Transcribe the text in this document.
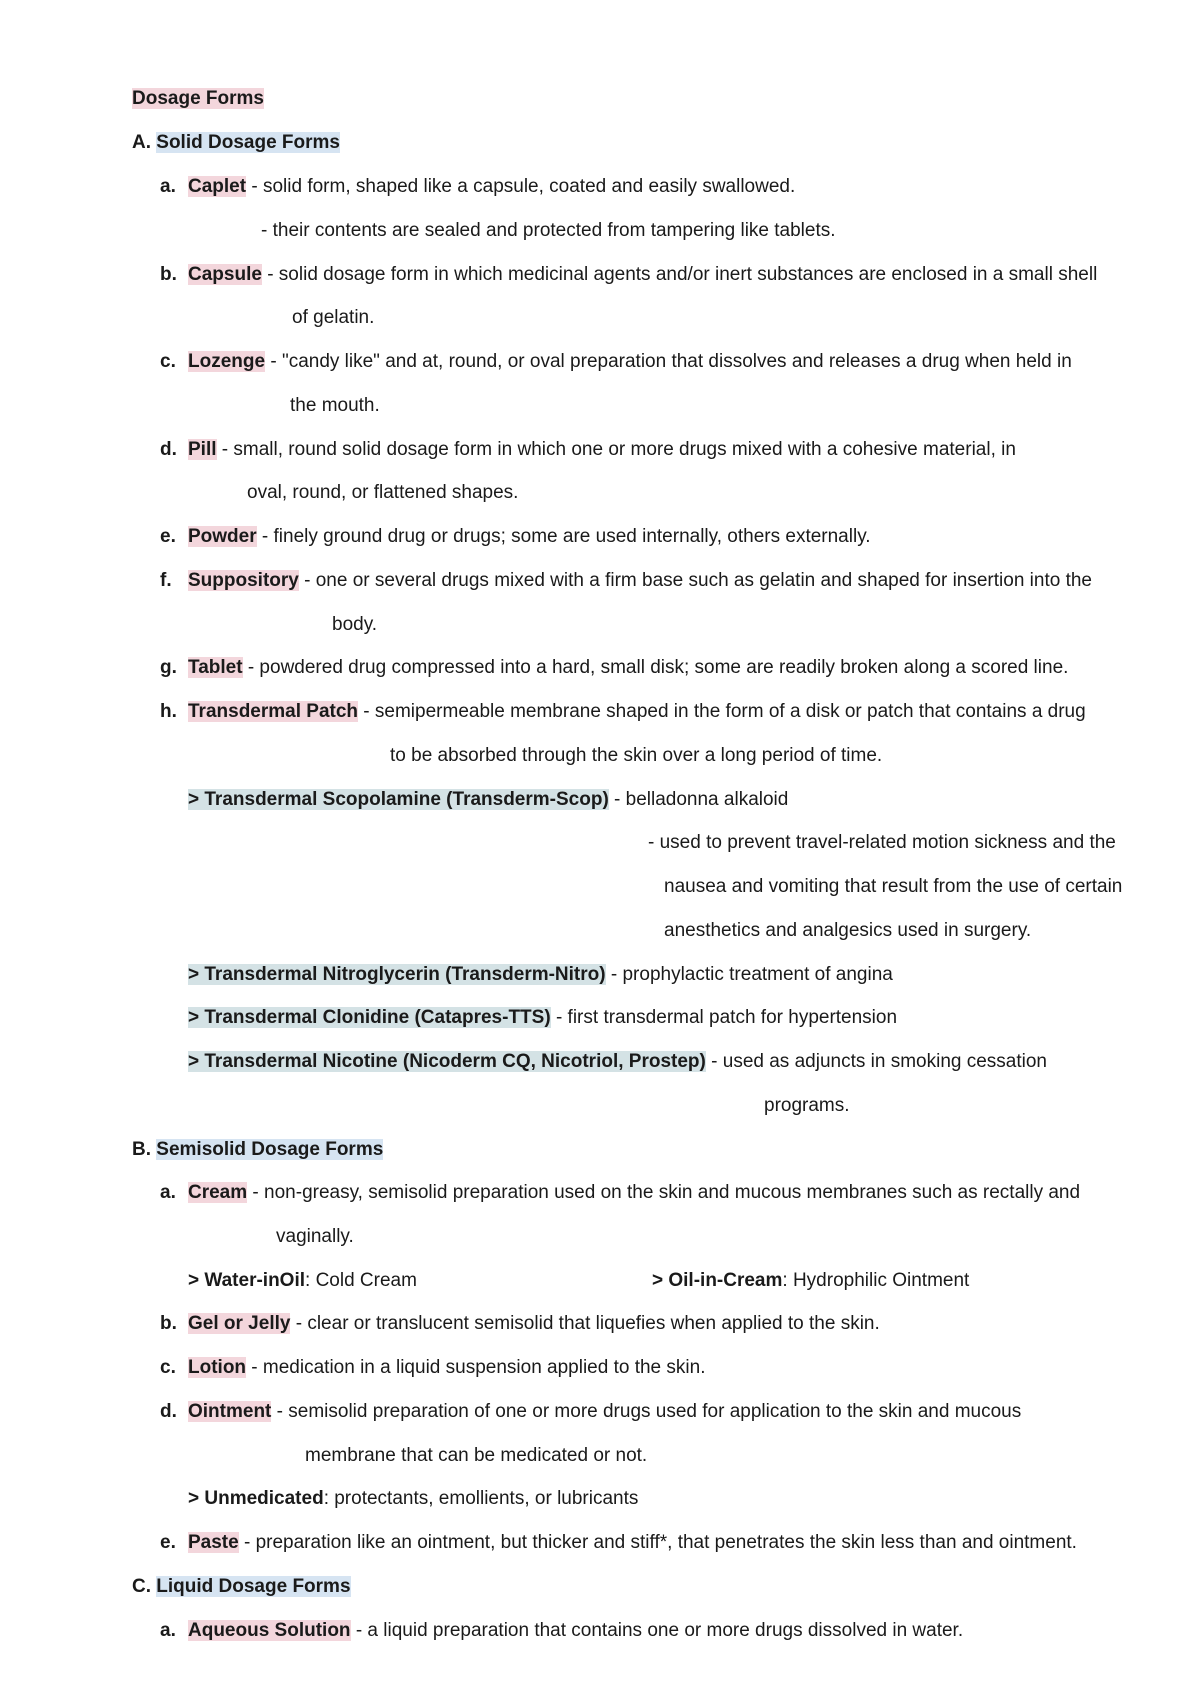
Dosage Forms
A. Solid Dosage Forms
a. Caplet - solid form, shaped like a capsule, coated and easily swallowed.
- their contents are sealed and protected from tampering like tablets.
b. Capsule - solid dosage form in which medicinal agents and/or inert substances are enclosed in a small shell
of gelatin.
c. Lozenge - "candy like" and at, round, or oval preparation that dissolves and releases a drug when held in
the mouth.
d. Pill - small, round solid dosage form in which one or more drugs mixed with a cohesive material, in
oval, round, or flattened shapes.
e. Powder - finely ground drug or drugs; some are used internally, others externally.
f. Suppository - one or several drugs mixed with a firm base such as gelatin and shaped for insertion into the
body.
g. Tablet - powdered drug compressed into a hard, small disk; some are readily broken along a scored line.
h. Transdermal Patch - semipermeable membrane shaped in the form of a disk or patch that contains a drug
to be absorbed through the skin over a long period of time.
> Transdermal Scopolamine (Transderm-Scop) - belladonna alkaloid
- used to prevent travel-related motion sickness and the
nausea and vomiting that result from the use of certain
anesthetics and analgesics used in surgery.
> Transdermal Nitroglycerin (Transderm-Nitro) - prophylactic treatment of angina
> Transdermal Clonidine (Catapres-TTS) - first transdermal patch for hypertension
> Transdermal Nicotine (Nicoderm CQ, Nicotriol, Prostep) - used as adjuncts in smoking cessation
programs.
B. Semisolid Dosage Forms
a. Cream - non-greasy, semisolid preparation used on the skin and mucous membranes such as rectally and
vaginally.
> Water-inOil: Cold Cream	> Oil-in-Cream: Hydrophilic Ointment
b. Gel or Jelly - clear or translucent semisolid that liquefies when applied to the skin.
c. Lotion - medication in a liquid suspension applied to the skin.
d. Ointment - semisolid preparation of one or more drugs used for application to the skin and mucous
membrane that can be medicated or not.
> Unmedicated: protectants, emollients, or lubricants
e. Paste - preparation like an ointment, but thicker and stiff*, that penetrates the skin less than and ointment.
C. Liquid Dosage Forms
a. Aqueous Solution - a liquid preparation that contains one or more drugs dissolved in water.
